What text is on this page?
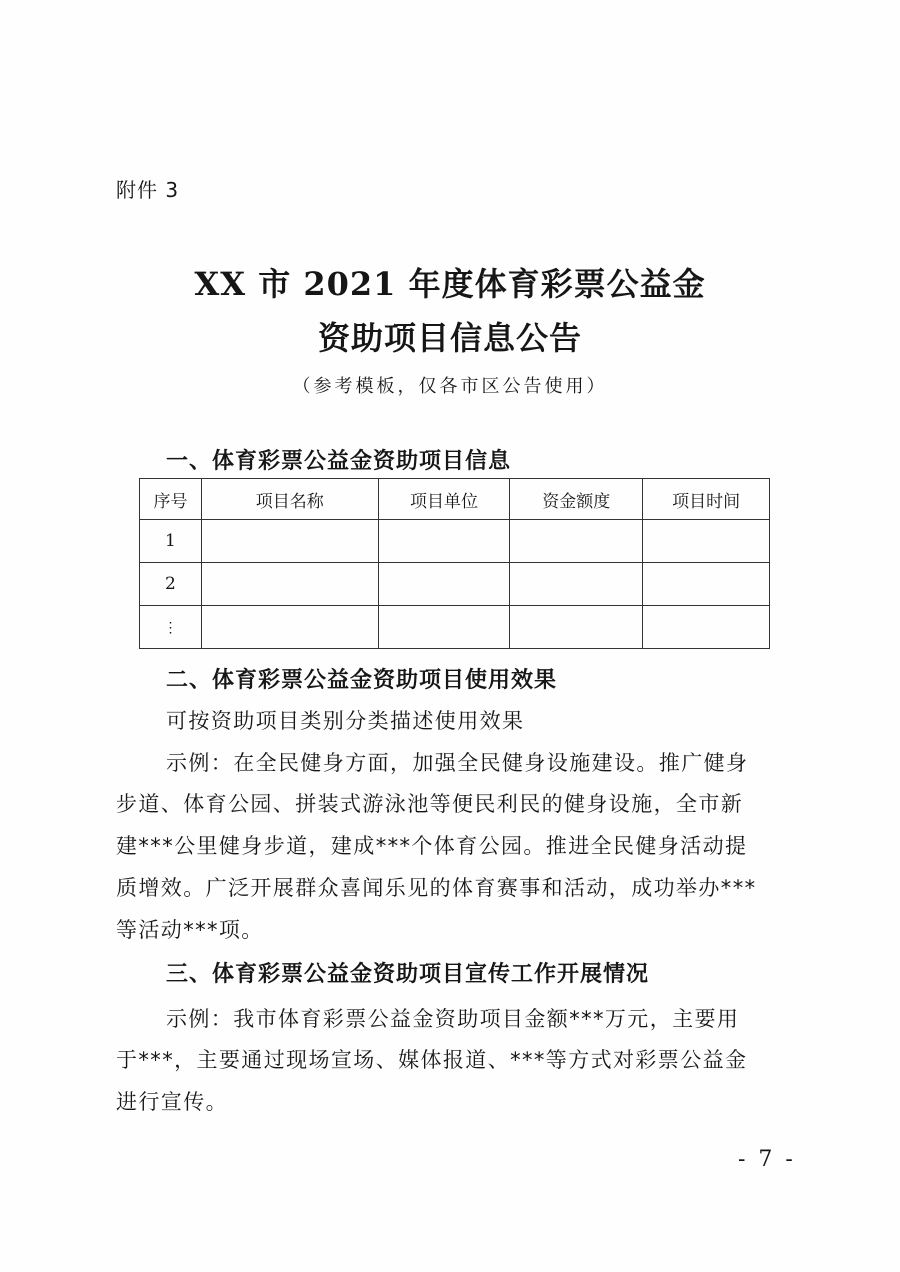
附件 3
XX 市 2021 年度体育彩票公益金
资助项目信息公告
（参考模板，仅各市区公告使用）
一、体育彩票公益金资助项目信息
序号	项目名称	项目单位	资金额度	项目时间
1				
2				
⋮				
二、体育彩票公益金资助项目使用效果
可按资助项目类别分类描述使用效果
示例：在全民健身方面，加强全民健身设施建设。推广健身
步道、体育公园、拼装式游泳池等便民利民的健身设施，全市新
建***公里健身步道，建成***个体育公园。推进全民健身活动提
质增效。广泛开展群众喜闻乐见的体育赛事和活动，成功举办***
等活动***项。
三、体育彩票公益金资助项目宣传工作开展情况
示例：我市体育彩票公益金资助项目金额***万元，主要用
于***，主要通过现场宣场、媒体报道、***等方式对彩票公益金
进行宣传。
- 7 -
